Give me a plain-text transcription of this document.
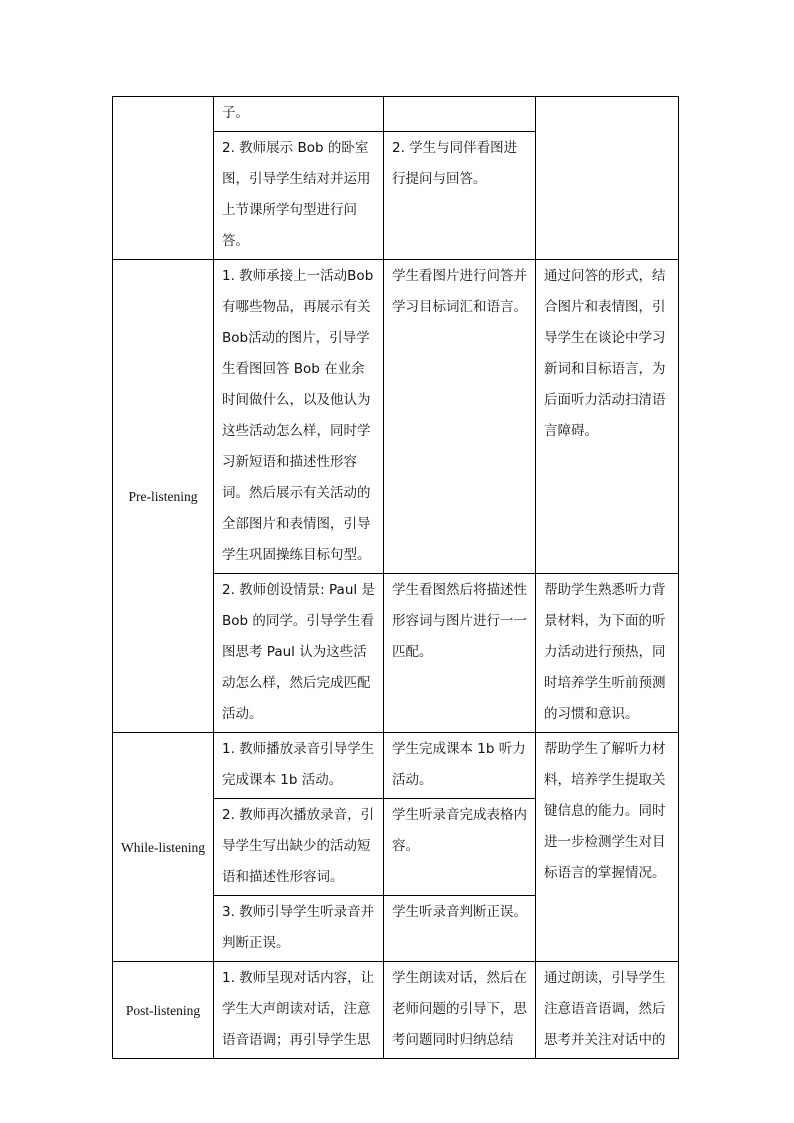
	子。		
	2. 教师展示 Bob 的卧室图，引导学生结对并运用上节课所学句型进行问答。	2. 学生与同伴看图进行提问与回答。	
Pre-listening	1. 教师承接上一活动Bob有哪些物品，再展示有关Bob活动的图片，引导学生看图回答 Bob 在业余时间做什么，以及他认为这些活动怎么样，同时学习新短语和描述性形容词。然后展示有关活动的全部图片和表情图，引导学生巩固操练目标句型。	学生看图片进行问答并学习目标词汇和语言。	通过问答的形式，结合图片和表情图，引导学生在谈论中学习新词和目标语言，为后面听力活动扫清语言障碍。
	2. 教师创设情景: Paul 是 Bob 的同学。引导学生看图思考 Paul 认为这些活动怎么样，然后完成匹配活动。	学生看图然后将描述性形容词与图片进行一一匹配。	帮助学生熟悉听力背景材料，为下面的听力活动进行预热，同时培养学生听前预测的习惯和意识。
While-listening	1. 教师播放录音引导学生完成课本 1b 活动。	学生完成课本 1b 听力活动。	帮助学生了解听力材料，培养学生提取关键信息的能力。同时进一步检测学生对目标语言的掌握情况。
	2. 教师再次播放录音，引导学生写出缺少的活动短语和描述性形容词。	学生听录音完成表格内容。	
	3. 教师引导学生听录音并判断正误。	学生听录音判断正误。	
Post-listening	1. 教师呈现对话内容，让学生大声朗读对话，注意语音语调；再引导学生思	学生朗读对话，然后在老师问题的引导下，思考问题同时归纳总结	通过朗读，引导学生注意语音语调，然后思考并关注对话中的
